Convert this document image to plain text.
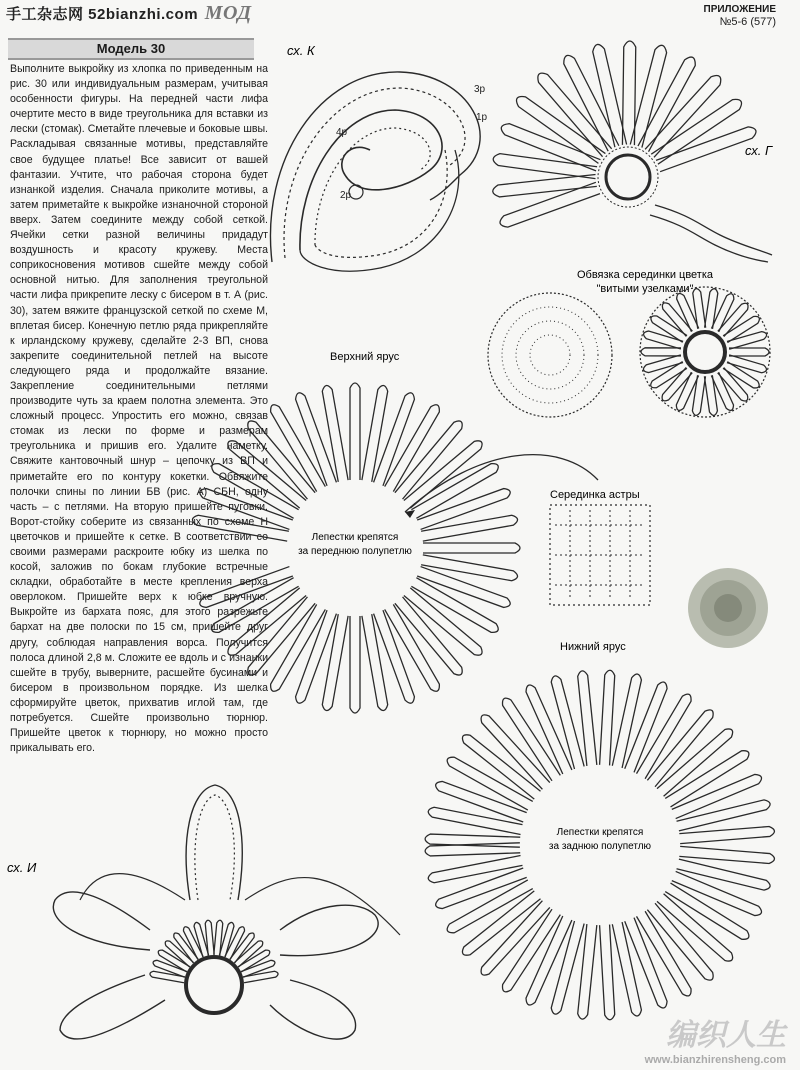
手工杂志网 52bianzhi.com МОД	ПРИЛОЖЕНИЕ
№5-6 (577)
Модель 30

Выполните выкройку из хлопка по приведенным на рис. 30 или индивидуальным размерам, учитывая особенности фигуры. На передней части лифа очертите место в виде треугольника для вставки из лески (стомак). Сметайте плечевые и боковые швы. Раскладывая связанные мотивы, представляйте свое будущее платье! Все зависит от вашей фантазии. Учтите, что рабочая сторона будет изнанкой изделия. Сначала приколите мотивы, а затем приметайте к выкройке изнаночной стороной вверх. Затем соедините между собой сеткой. Ячейки сетки разной величины придадут воздушность и красоту кружеву. Места соприкосновения мотивов сшейте между собой основной нитью. Для заполнения треугольной части лифа прикрепите леску с бисером в т. А (рис. 30), затем вяжите французской сеткой по схеме М, вплетая бисер. Конечную петлю ряда прикрепляйте к ирландскому кружеву, сделайте 2-3 ВП, снова закрепите соединительной петлей на высоте следующего ряда и продолжайте вязание. Закрепление соединительными петлями производите чуть за краем полотна элемента. Это сложный процесс. Упростить его можно, связав стомак из лески по форме и размерам треугольника и пришив его. Удалите наметку. Свяжите кантовочный шнур – цепочку из ВП и приметайте его по контуру кокетки. Обвяжите полочки спины по линии БВ (рис. А) СБН, одну часть – с петлями. На вторую пришейте пуговки. Ворот-стойку соберите из связанных по схеме Н цветочков и пришейте к сетке. В соответствии со своими размерами раскроите юбку из шелка по косой, заложив по бокам глубокие встречные складки, обработайте в месте крепления верха оверлоком. Пришейте верх к юбке вручную. Выкройте из бархата пояс, для этого разрежьте бархат на две полоски по 15 см, пришейте друг другу, соблюдая направления ворса. Получится полоса длиной 2,8 м. Сложите ее вдоль и с изнанки сшейте в трубу, выверните, расшейте бусинами и бисером в произвольном порядке. Из шелка сформируйте цветок, прихватив иглой там, где потребуется. Сшейте произвольно тюрнюр. Пришейте цветок к тюрнюру, но можно просто прикалывать его.

1р
2р
3р
4р
сх. К
сх. Г
Обвязка серединки цветка
"витыми узелками"
Верхний ярус
Лепестки крепятся
за переднюю полупетлю
Серединка астры
Нижний ярус
Лепестки крепятся
за заднюю полупетлю
сх. И
编织人生
www.bianzhirensheng.com
